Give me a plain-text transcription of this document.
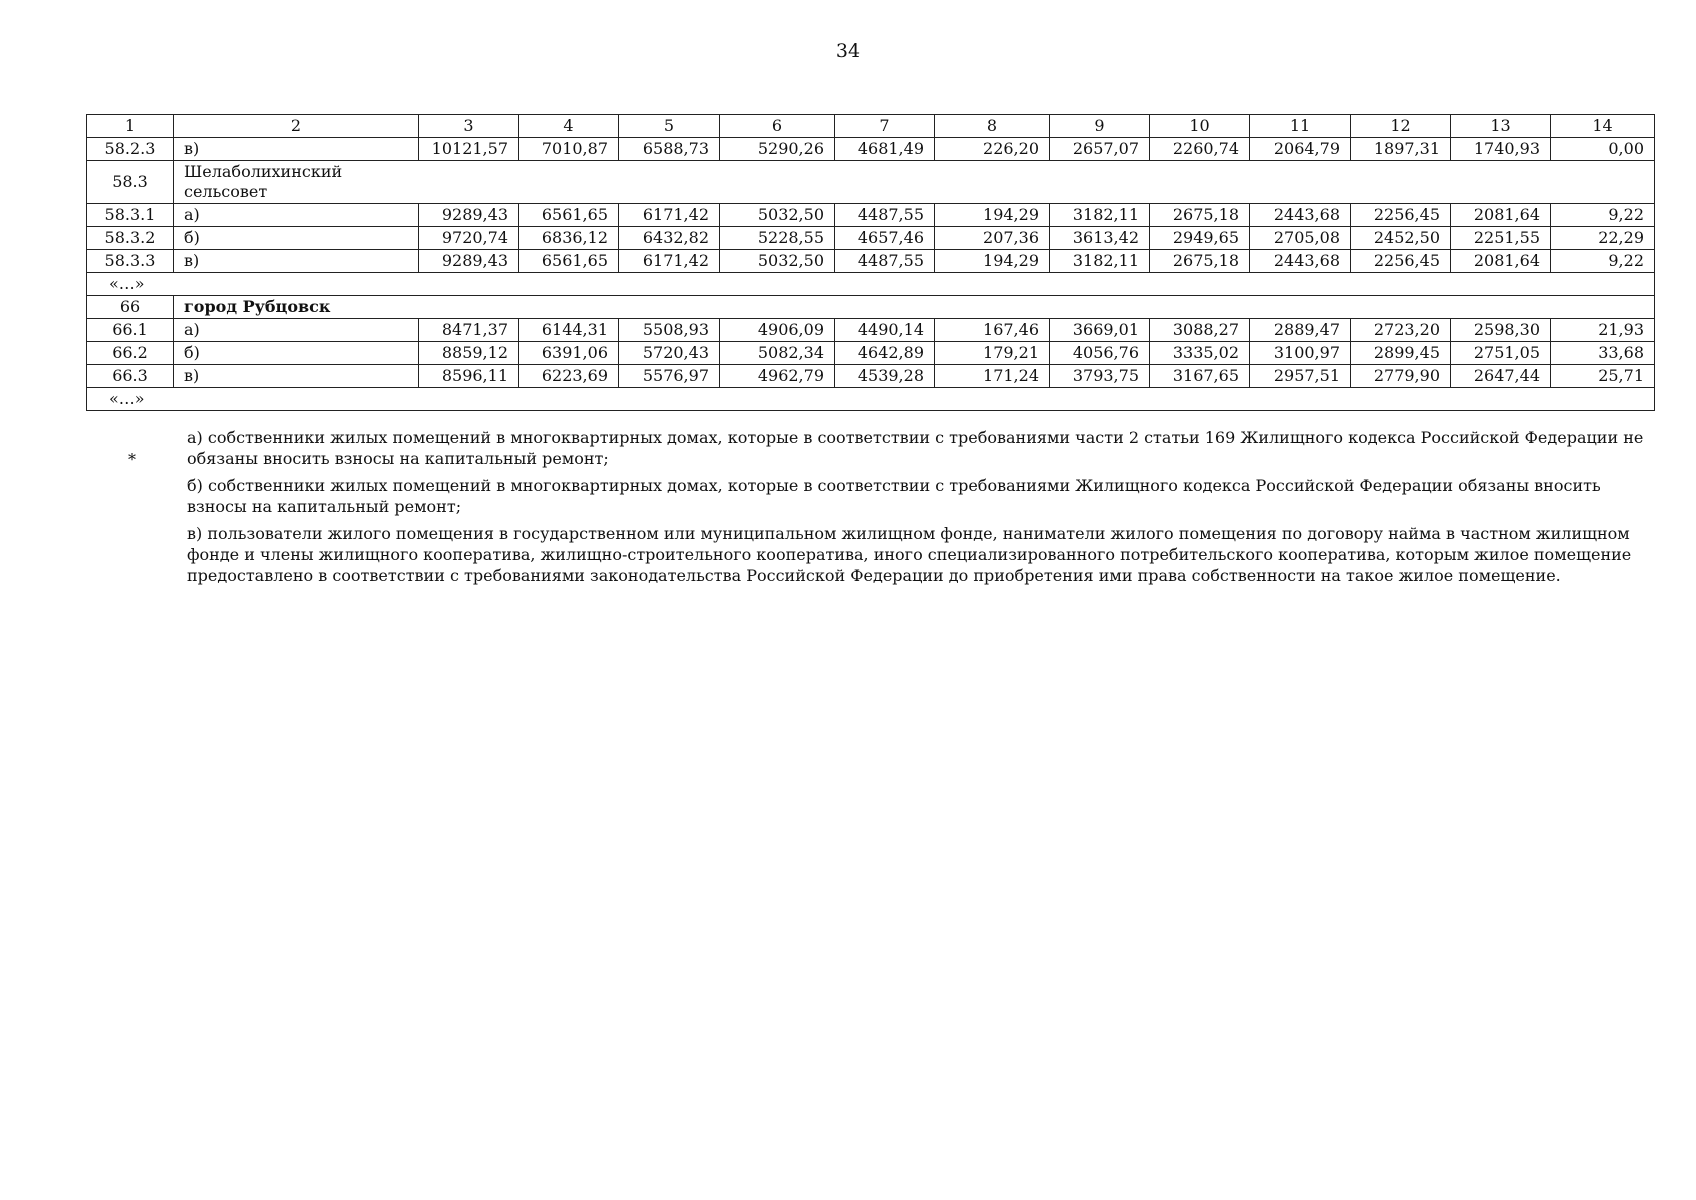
34
1	2	3	4	5	6	7	8	9	10	11	12	13	14
58.2.3	в)	10121,57	7010,87	6588,73	5290,26	4681,49	226,20	2657,07	2260,74	2064,79	1897,31	1740,93	0,00
58.3	Шелаболихинский сельсовет												

58.3.1	а)	9289,43	6561,65	6171,42	5032,50	4487,55	194,29	3182,11	2675,18	2443,68	2256,45	2081,64	9,22
58.3.2	б)	9720,74	6836,12	6432,82	5228,55	4657,46	207,36	3613,42	2949,65	2705,08	2452,50	2251,55	22,29
58.3.3	в)	9289,43	6561,65	6171,42	5032,50	4487,55	194,29	3182,11	2675,18	2443,68	2256,45	2081,64	9,22
«…»													
66	город Рубцовск												
66.1	а)	8471,37	6144,31	5508,93	4906,09	4490,14	167,46	3669,01	3088,27	2889,47	2723,20	2598,30	21,93
66.2	б)	8859,12	6391,06	5720,43	5082,34	4642,89	179,21	4056,76	3335,02	3100,97	2899,45	2751,05	33,68
66.3	в)	8596,11	6223,69	5576,97	4962,79	4539,28	171,24	3793,75	3167,65	2957,51	2779,90	2647,44	25,71
«…»													
*
а) собственники жилых помещений в многоквартирных домах, которые в соответствии с требованиями части 2 статьи 169 Жилищного кодекса Российской Федерации не обязаны вносить взносы на капитальный ремонт;
б) собственники жилых помещений в многоквартирных домах, которые в соответствии с требованиями Жилищного кодекса Российской Федерации обязаны вносить взносы на капитальный ремонт;
в) пользователи жилого помещения в государственном или муниципальном жилищном фонде, наниматели жилого помещения по договору найма в частном жилищном фонде и члены жилищного кооператива, жилищно-строительного кооператива, иного специализированного потребительского кооператива, которым жилое помещение предоставлено в соответствии с требованиями законодательства Российской Федерации до приобретения ими права собственности на такое жилое помещение.
